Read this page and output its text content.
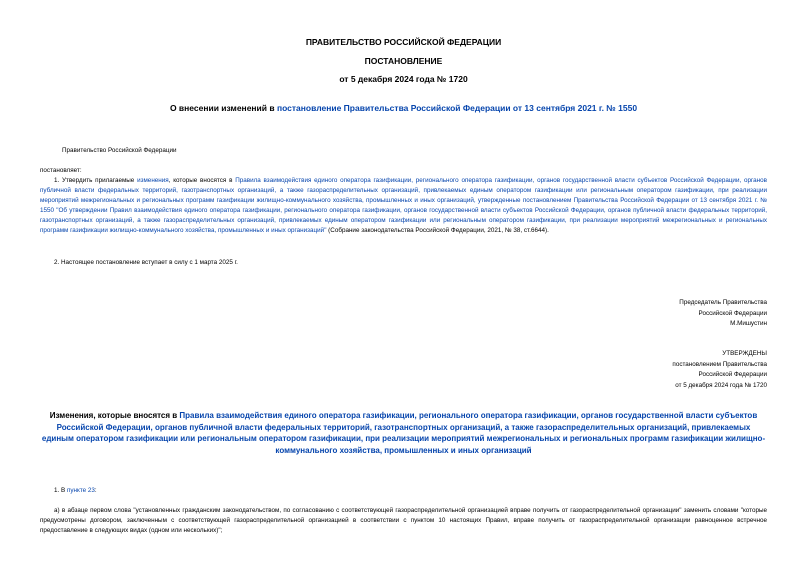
ПРАВИТЕЛЬСТВО РОССИЙСКОЙ ФЕДЕРАЦИИ
ПОСТАНОВЛЕНИЕ
от 5 декабря 2024 года № 1720
О внесении изменений в постановление Правительства Российской Федерации от 13 сентября 2021 г. № 1550
Правительство Российской Федерации
постановляет:
1. Утвердить прилагаемые изменения, которые вносятся в Правила взаимодействия единого оператора газификации, регионального оператора газификации, органов государственной власти субъектов Российской Федерации, органов публичной власти федеральных территорий, газотранспортных организаций, а также газораспределительных организаций, привлекаемых единым оператором газификации или региональным оператором газификации, при реализации мероприятий межрегиональных и региональных программ газификации жилищно-коммунального хозяйства, промышленных и иных организаций, утвержденные постановлением Правительства Российской Федерации от 13 сентября 2021 г. № 1550 "Об утверждении Правил взаимодействия единого оператора газификации, регионального оператора газификации, органов государственной власти субъектов Российской Федерации, органов публичной власти федеральных территорий, газотранспортных организаций, а также газораспределительных организаций, привлекаемых единым оператором газификации или региональным оператором газификации, при реализации мероприятий межрегиональных и региональных программ газификации жилищно-коммунального хозяйства, промышленных и иных организаций" (Собрание законодательства Российской Федерации, 2021, № 38, ст.6644).
2. Настоящее постановление вступает в силу с 1 марта 2025 г.
Председатель Правительства
Российской Федерации
М.Мишустин
УТВЕРЖДЕНЫ
постановлением Правительства
Российской Федерации
от 5 декабря 2024 года № 1720
Изменения, которые вносятся в Правила взаимодействия единого оператора газификации, регионального оператора газификации, органов государственной власти субъектов Российской Федерации, органов публичной власти федеральных территорий, газотранспортных организаций, а также газораспределительных организаций, привлекаемых единым оператором газификации или региональным оператором газификации, при реализации мероприятий межрегиональных и региональных программ газификации жилищно-коммунального хозяйства, промышленных и иных организаций
1. В пункте 23:
а) в абзаце первом слова "установленных гражданским законодательством, по согласованию с соответствующей газораспределительной организацией вправе получить от газораспределительной организации" заменить словами "которые предусмотрены договором, заключенным с соответствующей газораспределительной организацией в соответствии с пунктом 10 настоящих Правил, вправе получить от газораспределительной организации равноценное встречное предоставление в следующих видах (одном или нескольких)";
